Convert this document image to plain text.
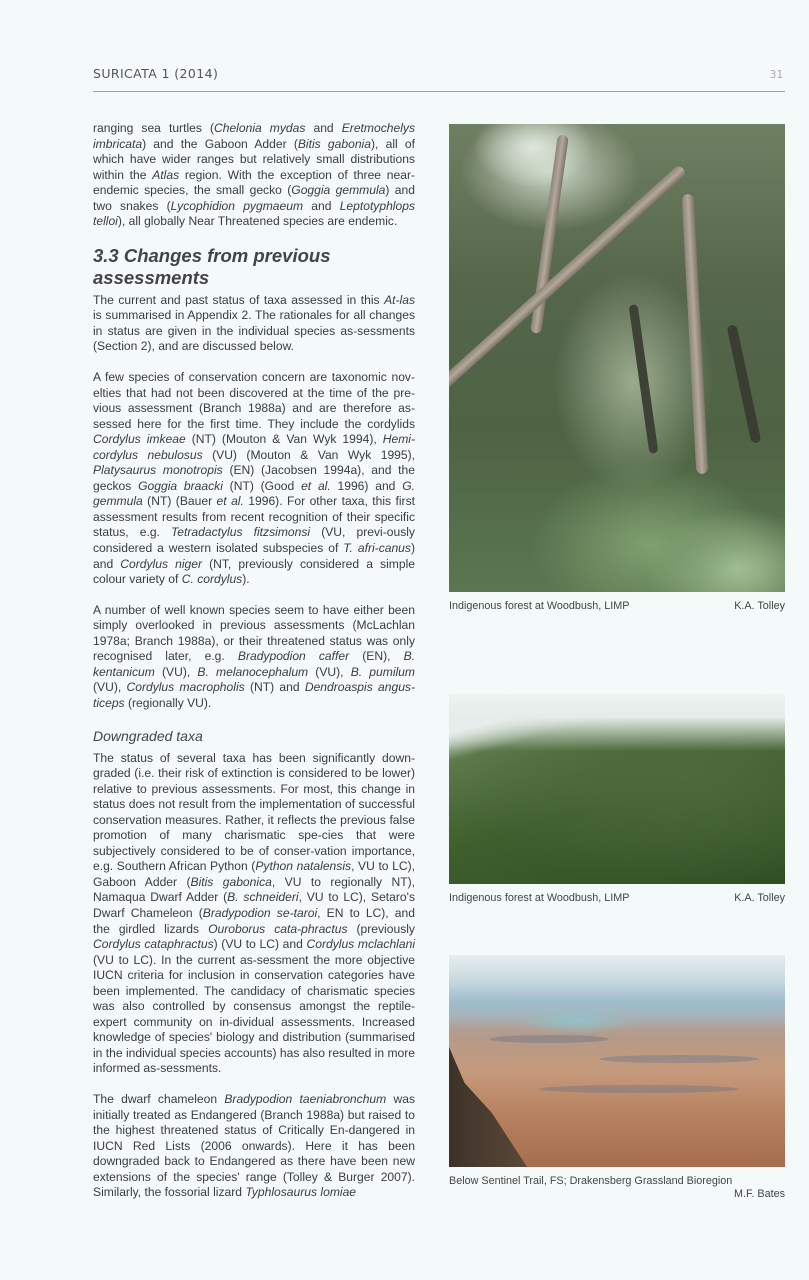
SURICATA 1 (2014)	31

ranging sea turtles (Chelonia mydas and Eretmochelys imbricata) and the Gaboon Adder (Bitis gabonia), all of which have wider ranges but relatively small distributions within the Atlas region. With the exception of three near-endemic species, the small gecko (Goggia gemmula) and two snakes (Lycophidion pygmaeum and Leptotyphlops telloi), all globally Near Threatened species are endemic.

3.3 Changes from previous assessments

The current and past status of taxa assessed in this At-las is summarised in Appendix 2. The rationales for all changes in status are given in the individual species as-sessments (Section 2), and are discussed below.

A few species of conservation concern are taxonomic nov-elties that had not been discovered at the time of the pre-vious assessment (Branch 1988a) and are therefore as-sessed here for the first time. They include the cordylids Cordylus imkeae (NT) (Mouton & Van Wyk 1994), Hemi-cordylus nebulosus (VU) (Mouton & Van Wyk 1995), Platysaurus monotropis (EN) (Jacobsen 1994a), and the geckos Goggia braacki (NT) (Good et al. 1996) and G. gemmula (NT) (Bauer et al. 1996). For other taxa, this first assessment results from recent recognition of their specific status, e.g. Tetradactylus fitzsimonsi (VU, previ-ously considered a western isolated subspecies of T. afri-canus) and Cordylus niger (NT, previously considered a simple colour variety of C. cordylus).

A number of well known species seem to have either been simply overlooked in previous assessments (McLachlan 1978a; Branch 1988a), or their threatened status was only recognised later, e.g. Bradypodion caffer (EN), B. kentanicum (VU), B. melanocephalum (VU), B. pumilum (VU), Cordylus macropholis (NT) and Dendroaspis angus-ticeps (regionally VU).

Downgraded taxa

The status of several taxa has been significantly down-graded (i.e. their risk of extinction is considered to be lower) relative to previous assessments. For most, this change in status does not result from the implementation of successful conservation measures. Rather, it reflects the previous false promotion of many charismatic spe-cies that were subjectively considered to be of conser-vation importance, e.g. Southern African Python (Python natalensis, VU to LC), Gaboon Adder (Bitis gabonica, VU to regionally NT), Namaqua Dwarf Adder (B. schneideri, VU to LC), Setaro's Dwarf Chameleon (Bradypodion se-taroi, EN to LC), and the girdled lizards Ouroborus cata-phractus (previously Cordylus cataphractus) (VU to LC) and Cordylus mclachlani (VU to LC). In the current as-sessment the more objective IUCN criteria for inclusion in conservation categories have been implemented. The candidacy of charismatic species was also controlled by consensus amongst the reptile-expert community on in-dividual assessments. Increased knowledge of species' biology and distribution (summarised in the individual species accounts) has also resulted in more informed as-sessments.

The dwarf chameleon Bradypodion taeniabronchum was initially treated as Endangered (Branch 1988a) but raised to the highest threatened status of Critically En-dangered in IUCN Red Lists (2006 onwards). Here it has been downgraded back to Endangered as there have been new extensions of the species' range (Tolley & Burger 2007). Similarly, the fossorial lizard Typhlosaurus lomiae

Indigenous forest at Woodbush, LIMP	K.A. Tolley
Indigenous forest at Woodbush, LIMP	K.A. Tolley
Below Sentinel Trail, FS; Drakensberg Grassland Bioregion
M.F. Bates
